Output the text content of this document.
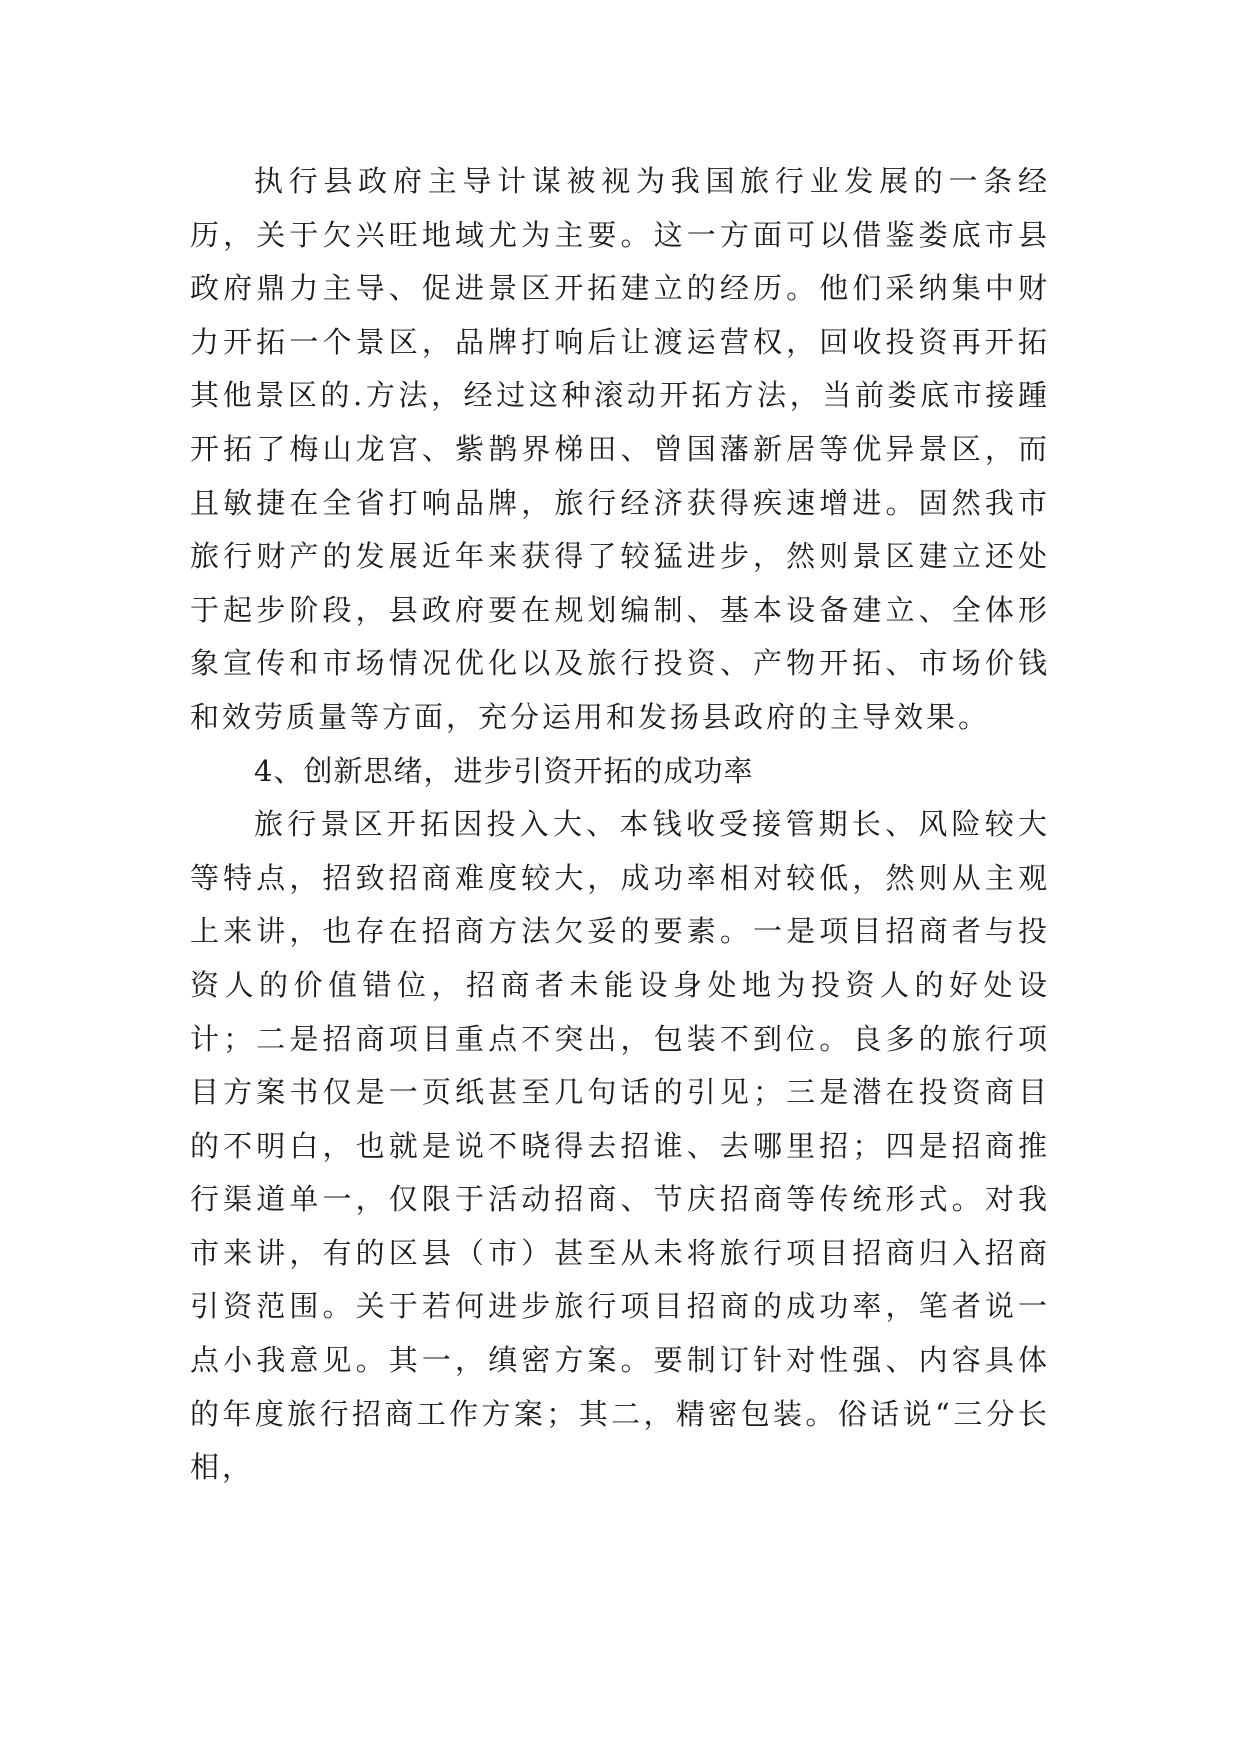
执行县政府主导计谋被视为我国旅行业发展的一条经历，关于欠兴旺地域尤为主要。这一方面可以借鉴娄底市县政府鼎力主导、促进景区开拓建立的经历。他们采纳集中财力开拓一个景区，品牌打响后让渡运营权，回收投资再开拓其他景区的.方法，经过这种滚动开拓方法，当前娄底市接踵开拓了梅山龙宫、紫鹊界梯田、曾国藩新居等优异景区，而且敏捷在全省打响品牌，旅行经济获得疾速增进。固然我市旅行财产的发展近年来获得了较猛进步，然则景区建立还处于起步阶段，县政府要在规划编制、基本设备建立、全体形象宣传和市场情况优化以及旅行投资、产物开拓、市场价钱和效劳质量等方面，充分运用和发扬县政府的主导效果。

4、创新思绪，进步引资开拓的成功率

旅行景区开拓因投入大、本钱收受接管期长、风险较大等特点，招致招商难度较大，成功率相对较低，然则从主观上来讲，也存在招商方法欠妥的要素。一是项目招商者与投资人的价值错位，招商者未能设身处地为投资人的好处设计；二是招商项目重点不突出，包装不到位。良多的旅行项目方案书仅是一页纸甚至几句话的引见；三是潜在投资商目的不明白，也就是说不晓得去招谁、去哪里招；四是招商推行渠道单一，仅限于活动招商、节庆招商等传统形式。对我市来讲，有的区县（市）甚至从未将旅行项目招商归入招商引资范围。关于若何进步旅行项目招商的成功率，笔者说一点小我意见。其一，缜密方案。要制订针对性强、内容具体的年度旅行招商工作方案；其二，精密包装。俗话说“三分长相，
